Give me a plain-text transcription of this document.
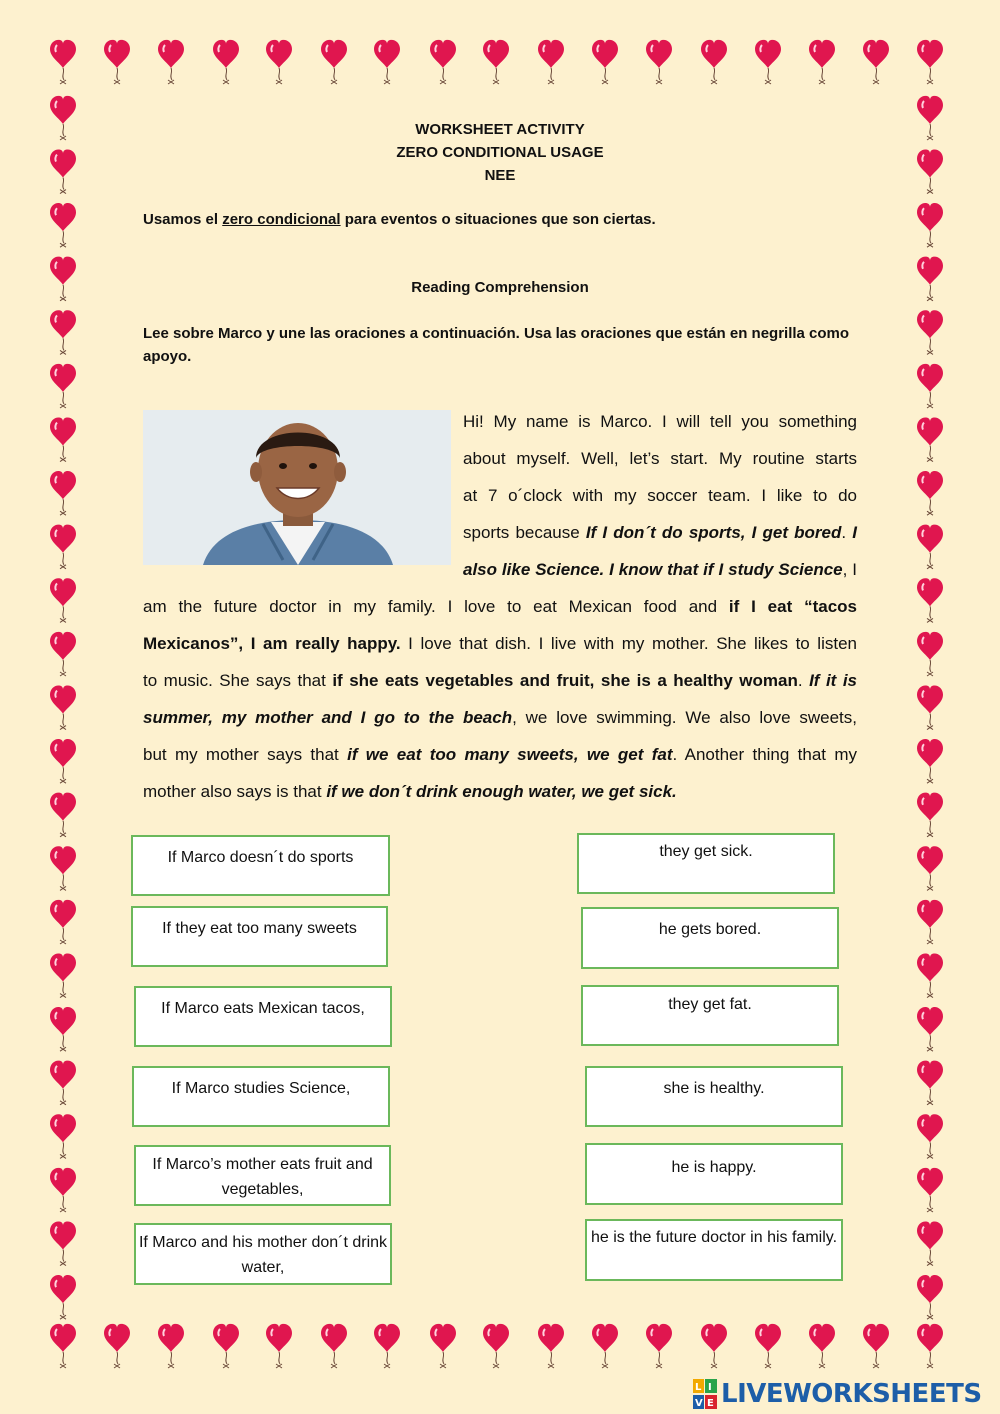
WORKSHEET ACTIVITY
ZERO CONDITIONAL USAGE
NEE
Usamos el zero condicional para eventos o situaciones que son ciertas.
Reading Comprehension
Lee sobre Marco y une las oraciones a continuación. Usa las oraciones que están en negrilla como apoyo.
Hi! My name is Marco. I will tell you something
about myself. Well, let’s start. My routine starts
at 7 o´clock with my soccer team. I like to do
sports because If I don´t do sports, I get bored. I
also like Science. I know that if I study Science, I
am the future doctor in my family. I love to eat Mexican food and if I eat “tacos
Mexicanos”, I am really happy. I love that dish. I live with my mother. She likes to listen
to music. She says that if she eats vegetables and fruit, she is a healthy woman. If it is
summer, my mother and I go to the beach, we love swimming. We also love sweets,
but my mother says that if we eat too many sweets, we get fat. Another thing that my
mother also says is that if we don´t drink enough water, we get sick.
If Marco doesn´t do sports
If they eat too many sweets
If Marco eats Mexican tacos,
If Marco studies Science,
If Marco’s mother eats fruit and vegetables,
If Marco and his mother don´t drink water,
they get sick.
he gets bored.
they get fat.
she is healthy.
he is happy.
he is the future doctor in his family.
L I
V E LIVEWORKSHEETS
